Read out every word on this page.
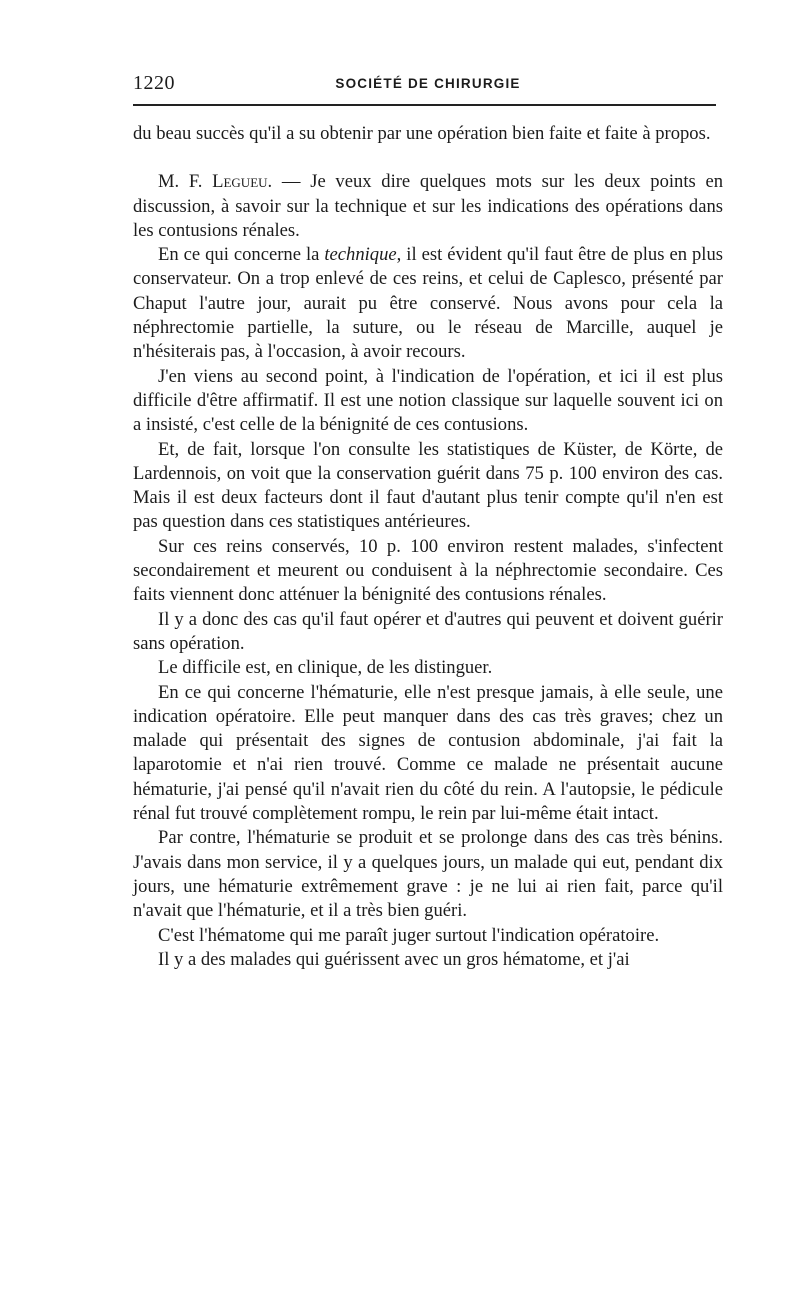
1220	SOCIÉTÉ DE CHIRURGIE

du beau succès qu'il a su obtenir par une opération bien faite et faite à propos.

M. F. Legueu. — Je veux dire quelques mots sur les deux points en discussion, à savoir sur la technique et sur les indications des opérations dans les contusions rénales.

En ce qui concerne la technique, il est évident qu'il faut être de plus en plus conservateur. On a trop enlevé de ces reins, et celui de Caplesco, présenté par Chaput l'autre jour, aurait pu être conservé. Nous avons pour cela la néphrectomie partielle, la suture, ou le réseau de Marcille, auquel je n'hésiterais pas, à l'occasion, à avoir recours.

J'en viens au second point, à l'indication de l'opération, et ici il est plus difficile d'être affirmatif. Il est une notion classique sur laquelle souvent ici on a insisté, c'est celle de la bénignité de ces contusions.

Et, de fait, lorsque l'on consulte les statistiques de Küster, de Körte, de Lardennois, on voit que la conservation guérit dans 75 p. 100 environ des cas. Mais il est deux facteurs dont il faut d'autant plus tenir compte qu'il n'en est pas question dans ces statistiques antérieures.

Sur ces reins conservés, 10 p. 100 environ restent malades, s'infectent secondairement et meurent ou conduisent à la néphrectomie secondaire. Ces faits viennent donc atténuer la bénignité des contusions rénales.

Il y a donc des cas qu'il faut opérer et d'autres qui peuvent et doivent guérir sans opération.

Le difficile est, en clinique, de les distinguer.

En ce qui concerne l'hématurie, elle n'est presque jamais, à elle seule, une indication opératoire. Elle peut manquer dans des cas très graves; chez un malade qui présentait des signes de contusion abdominale, j'ai fait la laparotomie et n'ai rien trouvé. Comme ce malade ne présentait aucune hématurie, j'ai pensé qu'il n'avait rien du côté du rein. A l'autopsie, le pédicule rénal fut trouvé complètement rompu, le rein par lui-même était intact.

Par contre, l'hématurie se produit et se prolonge dans des cas très bénins. J'avais dans mon service, il y a quelques jours, un malade qui eut, pendant dix jours, une hématurie extrêmement grave : je ne lui ai rien fait, parce qu'il n'avait que l'hématurie, et il a très bien guéri.

C'est l'hématome qui me paraît juger surtout l'indication opératoire.

Il y a des malades qui guérissent avec un gros hématome, et j'ai
